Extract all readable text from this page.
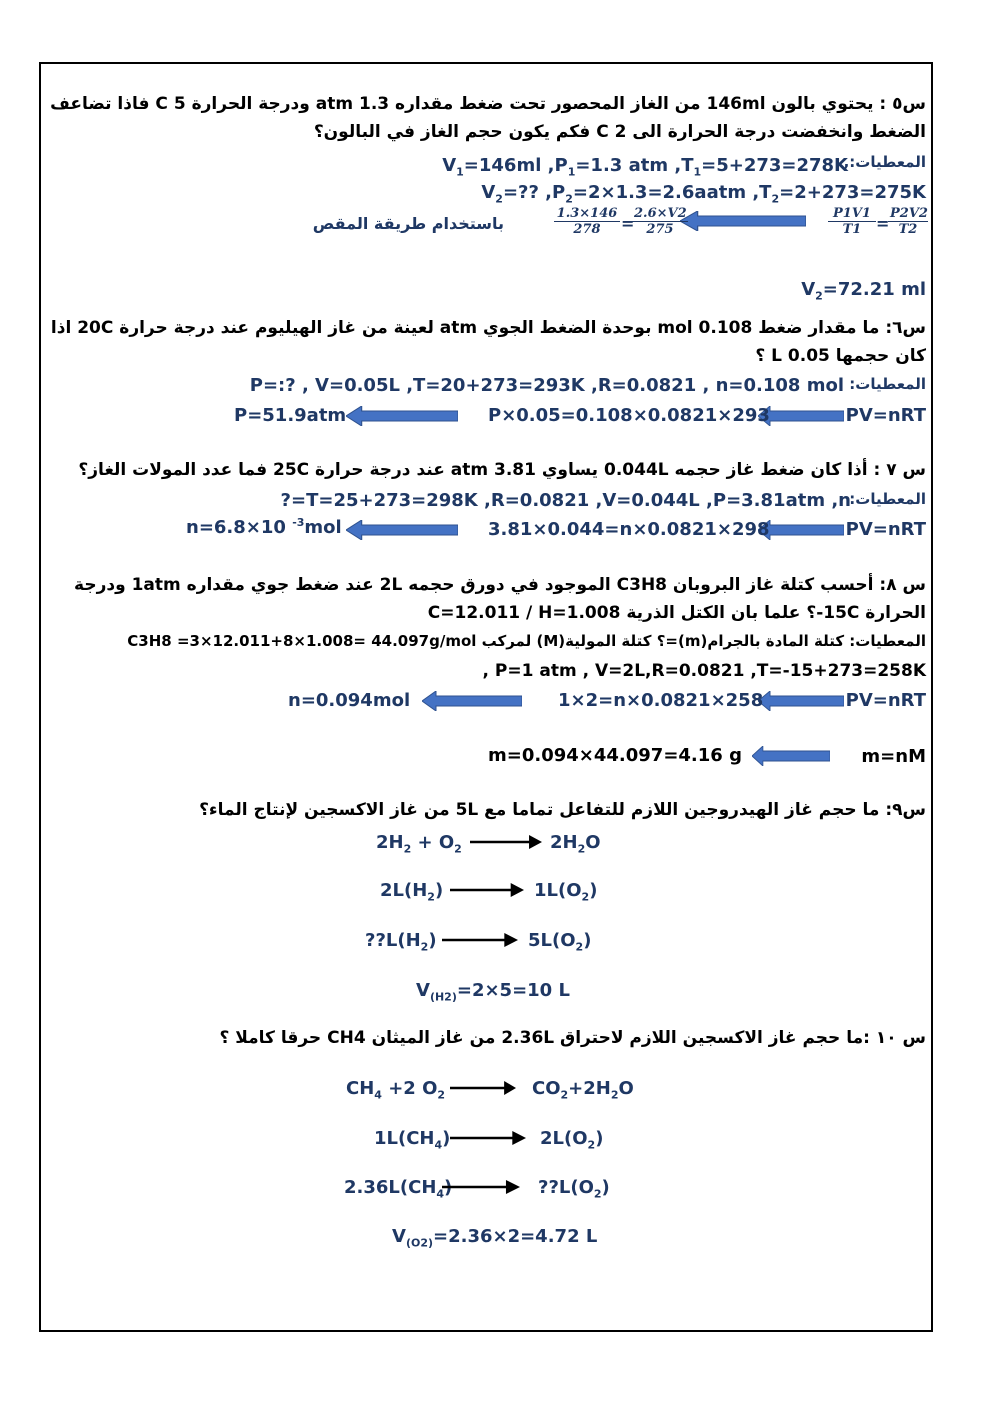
س٥ : يحتوي بالون 146ml من الغاز المحصور تحت ضغط مقداره 1.3 atm ودرجة الحرارة 5 C فاذا تضاعف
الضغط وانخفضت درجة الحرارة الى 2 C فكم يكون حجم الغاز في البالون؟
المعطيات:,
$V_1=146ml$ $,P_1=1.3$ atm $,T_1=5+273=278K$
$V_2=$?? $,P_2=2\times 1.3=2.6aatm$ $,T_2=2+273=275K$
$\frac{P1V1}{T1}$ =
$\frac{P2V2}{T2}$
$\frac{1.3\times 146}{278}$ =
$\frac{2.6\times V2}{275}$
باستخدام طريقة المقص
$V_2=72.21$ ml
س٦: ما مقدار ضغط 0.108 mol بوحدة الضغط الجوي atm لعينة من غاز الهيليوم عند درجة حرارة 20C اذا
كان حجمها 0.05 L ؟
المعطيات:
P=:? , V=0.05L ,T=20+273=293K ,R=0.0821 , n=0.108 mol
PV=nRT
P×0.05=0.108×0.0821×293
P=51.9atm
س ٧ : أذا كان ضغط غاز حجمه 0.044L يساوي 3.81 atm عند درجة حرارة 25C فما عدد المولات الغاز؟
المعطيات:
T=25+273=298K ,R=0.0821 ,V=0.044L ,P=3.81atm ,n=?
PV=nRT
3.81×0.044=n×0.0821×298
n=6.8×10 $^{-3}$mol
س ٨: أحسب كتلة غاز البروبان C3H8 الموجود في دورق حجمه 2L عند ضغط جوي مقداره 1atm ودرجة
الحرارة 15C-؟ علما بان الكتل الذرية C=12.011 / H=1.008
المعطيات: كتلة المادة بالجرام(m)=؟ كتلة المولية(M) لمركب C3H8 =3×12.011+8×1.008= 44.097g/mol
P=1 atm , V=2L,R=0.0821 ,T=-15+273=258K ,
PV=nRT
1×2=n×0.0821×258
n=0.094mol
m=nM
m=0.094×44.097=4.16 g
س٩: ما حجم غاز الهيدروجين اللازم للتفاعل تماما مع 5L من غاز الاكسجين لإنتاج الماء؟
$2H_2 + O_2$	$2H_2O$
$2L(H_2)$	$1L(O_2)$
$??L(H_2)$	$5L(O_2)$
$V_{(H2)}=2\times 5=10$ L
س ١٠ :ما حجم غاز الاكسجين اللازم لاحتراق 2.36L من غاز الميثان CH4 حرقا كاملا ؟
$CH_4 +2$ $O_2$	$CO_2+2H_2O$
$1L(CH_4)$	$2L(O_2)$
$2.36L(CH_4$	$??L(O_2)$
$V_{(O2)}=2.36\times 2=4.72$ L
